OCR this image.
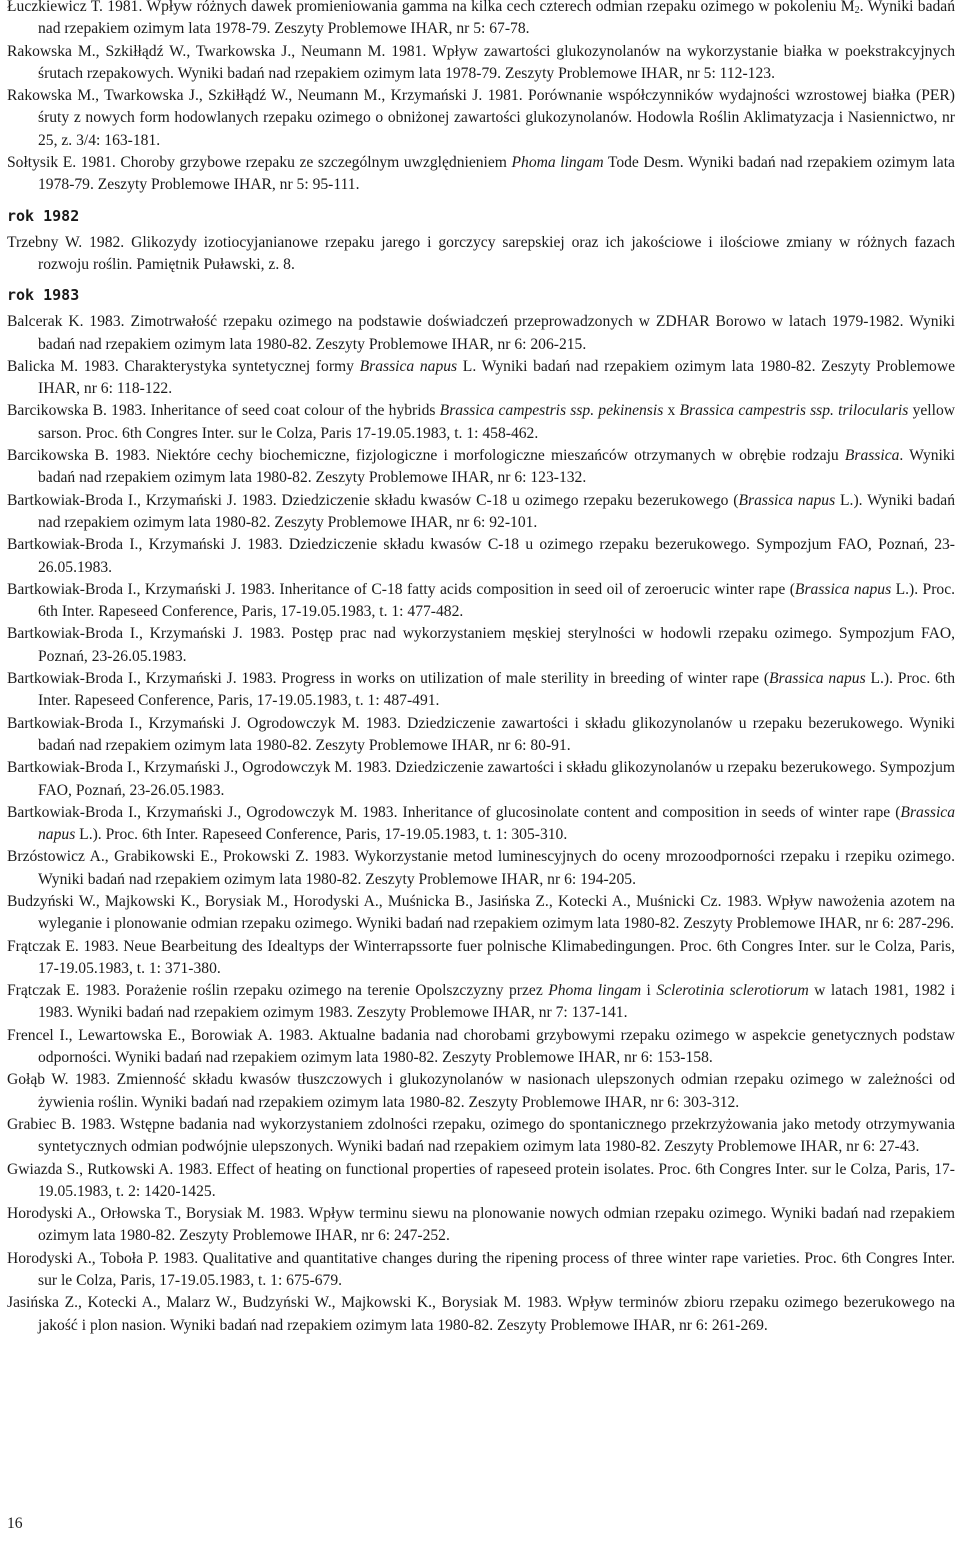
Łuczkiewicz T. 1981. Wpływ różnych dawek promieniowania gamma na kilka cech czterech odmian rzepaku ozimego w pokoleniu $M_2$. Wyniki badań nad rzepakiem ozimym lata 1978-79. Zeszyty Problemowe IHAR, nr 5: 67-78.

Rakowska M., Szkiłłądź W., Twarkowska J., Neumann M. 1981. Wpływ zawartości glukozynolanów na wykorzystanie białka w poekstrakcyjnych śrutach rzepakowych. Wyniki badań nad rzepakiem ozimym lata 1978-79. Zeszyty Problemowe IHAR, nr 5: 112-123.

Rakowska M., Twarkowska J., Szkiłłądź W., Neumann M., Krzymański J. 1981. Porównanie współczynników wydajności wzrostowej białka (PER) śruty z nowych form hodowlanych rzepaku ozimego o obniżonej zawartości glukozynolanów. Hodowla Roślin Aklimatyzacja i Nasiennictwo, nr 25, z. 3/4: 163-181.

Sołtysik E. 1981. Choroby grzybowe rzepaku ze szczególnym uwzględnieniem Phoma lingam Tode Desm. Wyniki badań nad rzepakiem ozimym lata 1978-79. Zeszyty Problemowe IHAR, nr 5: 95-111.

rok 1982

Trzebny W. 1982. Glikozydy izotiocyjanianowe rzepaku jarego i gorczycy sarepskiej oraz ich jakościowe i ilościowe zmiany w różnych fazach rozwoju roślin. Pamiętnik Puławski, z. 8.

rok 1983

Balcerak K. 1983. Zimotrwałość rzepaku ozimego na podstawie doświadczeń przeprowadzonych w ZDHAR Borowo w latach 1979-1982. Wyniki badań nad rzepakiem ozimym lata 1980-82. Zeszyty Problemowe IHAR, nr 6: 206-215.

Balicka M. 1983. Charakterystyka syntetycznej formy Brassica napus L. Wyniki badań nad rzepakiem ozimym lata 1980-82. Zeszyty Problemowe IHAR, nr 6: 118-122.

Barcikowska B. 1983. Inheritance of seed coat colour of the hybrids Brassica campestris ssp. pekinensis x Brassica campestris ssp. trilocularis yellow sarson. Proc. 6th Congres Inter. sur le Colza, Paris 17-19.05.1983, t. 1: 458-462.

Barcikowska B. 1983. Niektóre cechy biochemiczne, fizjologiczne i morfologiczne mieszańców otrzymanych w obrębie rodzaju Brassica. Wyniki badań nad rzepakiem ozimym lata 1980-82. Zeszyty Problemowe IHAR, nr 6: 123-132.

Bartkowiak-Broda I., Krzymański J. 1983. Dziedziczenie składu kwasów C-18 u ozimego rzepaku bezerukowego (Brassica napus L.). Wyniki badań nad rzepakiem ozimym lata 1980-82. Zeszyty Problemowe IHAR, nr 6: 92-101.

Bartkowiak-Broda I., Krzymański J. 1983. Dziedziczenie składu kwasów C-18 u ozimego rzepaku bezerukowego. Sympozjum FAO, Poznań, 23-26.05.1983.

Bartkowiak-Broda I., Krzymański J. 1983. Inheritance of C-18 fatty acids composition in seed oil of zeroerucic winter rape (Brassica napus L.). Proc. 6th Inter. Rapeseed Conference, Paris, 17-19.05.1983, t. 1: 477-482.

Bartkowiak-Broda I., Krzymański J. 1983. Postęp prac nad wykorzystaniem męskiej sterylności w hodowli rzepaku ozimego. Sympozjum FAO, Poznań, 23-26.05.1983.

Bartkowiak-Broda I., Krzymański J. 1983. Progress in works on utilization of male sterility in breeding of winter rape (Brassica napus L.). Proc. 6th Inter. Rapeseed Conference, Paris, 17-19.05.1983, t. 1: 487-491.

Bartkowiak-Broda I., Krzymański J. Ogrodowczyk M. 1983. Dziedziczenie zawartości i składu glikozynolanów u rzepaku bezerukowego. Wyniki badań nad rzepakiem ozimym lata 1980-82. Zeszyty Problemowe IHAR, nr 6: 80-91.

Bartkowiak-Broda I., Krzymański J., Ogrodowczyk M. 1983. Dziedziczenie zawartości i składu glikozynolanów u rzepaku bezerukowego. Sympozjum FAO, Poznań, 23-26.05.1983.

Bartkowiak-Broda I., Krzymański J., Ogrodowczyk M. 1983. Inheritance of glucosinolate content and composition in seeds of winter rape (Brassica napus L.). Proc. 6th Inter. Rapeseed Conference, Paris, 17-19.05.1983, t. 1: 305-310.

Brzóstowicz A., Grabikowski E., Prokowski Z. 1983. Wykorzystanie metod luminescyjnych do oceny mrozoodporności rzepaku i rzepiku ozimego. Wyniki badań nad rzepakiem ozimym lata 1980-82. Zeszyty Problemowe IHAR, nr 6: 194-205.

Budzyński W., Majkowski K., Borysiak M., Horodyski A., Muśnicka B., Jasińska Z., Kotecki A., Muśnicki Cz. 1983. Wpływ nawożenia azotem na wyleganie i plonowanie odmian rzepaku ozimego. Wyniki badań nad rzepakiem ozimym lata 1980-82. Zeszyty Problemowe IHAR, nr 6: 287-296.

Frątczak E. 1983. Neue Bearbeitung des Idealtyps der Winterrapssorte fuer polnische Klimabedingungen. Proc. 6th Congres Inter. sur le Colza, Paris, 17-19.05.1983, t. 1: 371-380.

Frątczak E. 1983. Porażenie roślin rzepaku ozimego na terenie Opolszczyzny przez Phoma lingam i Sclerotinia sclerotiorum w latach 1981, 1982 i 1983. Wyniki badań nad rzepakiem ozimym 1983. Zeszyty Problemowe IHAR, nr 7: 137-141.

Frencel I., Lewartowska E., Borowiak A. 1983. Aktualne badania nad chorobami grzybowymi rzepaku ozimego w aspekcie genetycznych podstaw odporności. Wyniki badań nad rzepakiem ozimym lata 1980-82. Zeszyty Problemowe IHAR, nr 6: 153-158.

Gołąb W. 1983. Zmienność składu kwasów tłuszczowych i glukozynolanów w nasionach ulepszonych odmian rzepaku ozimego w zależności od żywienia roślin. Wyniki badań nad rzepakiem ozimym lata 1980-82. Zeszyty Problemowe IHAR, nr 6: 303-312.

Grabiec B. 1983. Wstępne badania nad wykorzystaniem zdolności rzepaku, ozimego do spontanicznego przekrzyżowania jako metody otrzymywania syntetycznych odmian podwójnie ulepszonych. Wyniki badań nad rzepakiem ozimym lata 1980-82. Zeszyty Problemowe IHAR, nr 6: 27-43.

Gwiazda S., Rutkowski A. 1983. Effect of heating on functional properties of rapeseed protein isolates. Proc. 6th Congres Inter. sur le Colza, Paris, 17-19.05.1983, t. 2: 1420-1425.

Horodyski A., Orłowska T., Borysiak M. 1983. Wpływ terminu siewu na plonowanie nowych odmian rzepaku ozimego. Wyniki badań nad rzepakiem ozimym lata 1980-82. Zeszyty Problemowe IHAR, nr 6: 247-252.

Horodyski A., Toboła P. 1983. Qualitative and quantitative changes during the ripening process of three winter rape varieties. Proc. 6th Congres Inter. sur le Colza, Paris, 17-19.05.1983, t. 1: 675-679.

Jasińska Z., Kotecki A., Malarz W., Budzyński W., Majkowski K., Borysiak M. 1983. Wpływ terminów zbioru rzepaku ozimego bezerukowego na jakość i plon nasion. Wyniki badań nad rzepakiem ozimym lata 1980-82. Zeszyty Problemowe IHAR, nr 6: 261-269.

16
